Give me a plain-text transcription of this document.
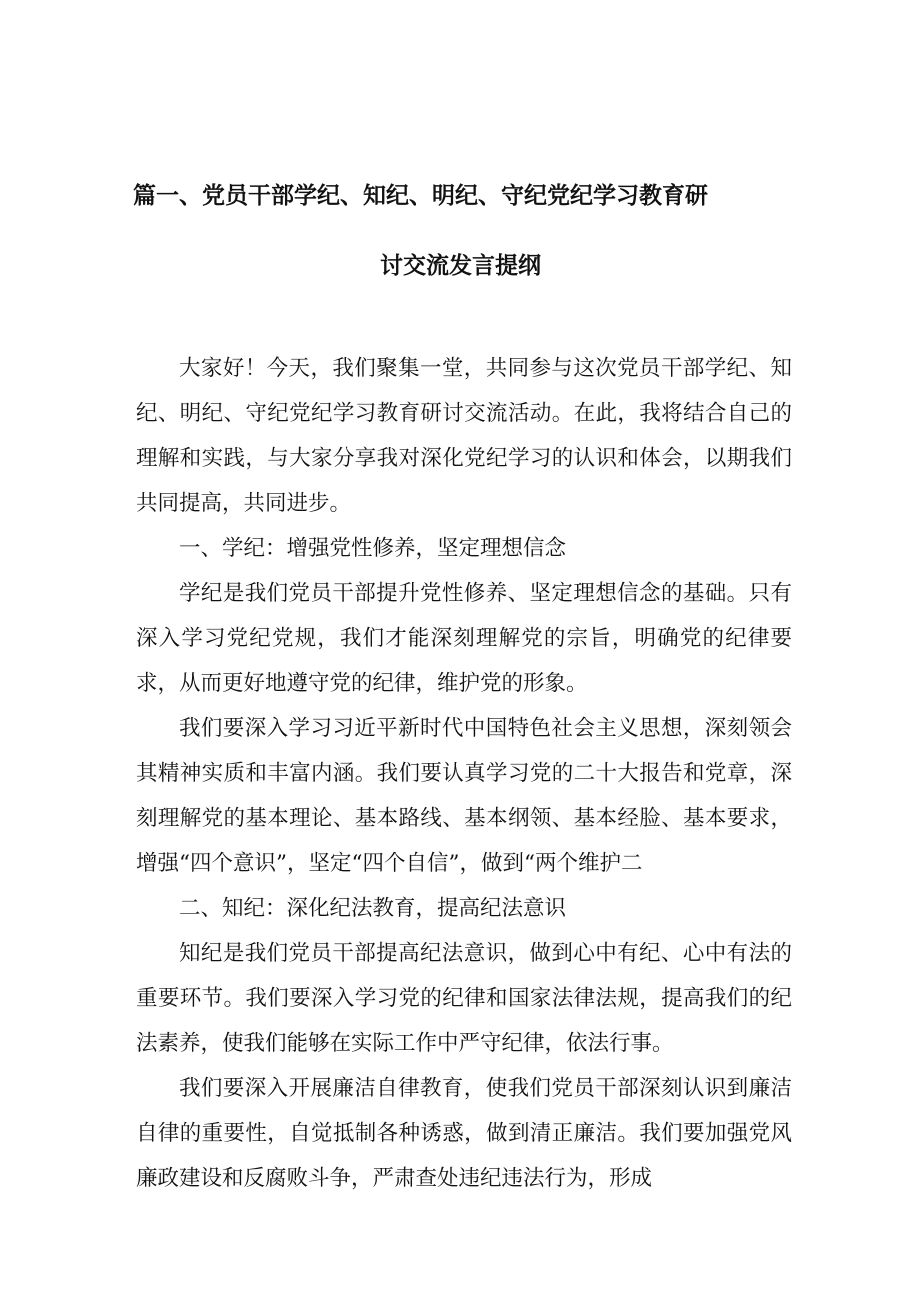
篇一、党员干部学纪、知纪、明纪、守纪党纪学习教育研
讨交流发言提纲

大家好！今天，我们聚集一堂，共同参与这次党员干部学纪、知纪、明纪、守纪党纪学习教育研讨交流活动。在此，我将结合自己的理解和实践，与大家分享我对深化党纪学习的认识和体会，以期我们共同提高，共同进步。

一、学纪：增强党性修养，坚定理想信念

学纪是我们党员干部提升党性修养、坚定理想信念的基础。只有深入学习党纪党规，我们才能深刻理解党的宗旨，明确党的纪律要求，从而更好地遵守党的纪律，维护党的形象。

我们要深入学习习近平新时代中国特色社会主义思想，深刻领会其精神实质和丰富内涵。我们要认真学习党的二十大报告和党章，深刻理解党的基本理论、基本路线、基本纲领、基本经脸、基本要求，增强“四个意识”，坚定“四个自信”，做到“两个维护二

二、知纪：深化纪法教育，提高纪法意识

知纪是我们党员干部提高纪法意识，做到心中有纪、心中有法的重要环节。我们要深入学习党的纪律和国家法律法规，提高我们的纪法素养，使我们能够在实际工作中严守纪律，依法行事。

我们要深入开展廉洁自律教育，使我们党员干部深刻认识到廉洁自律的重要性，自觉抵制各种诱惑，做到清正廉洁。我们要加强党风廉政建设和反腐败斗争，严肃查处违纪违法行为，形成
